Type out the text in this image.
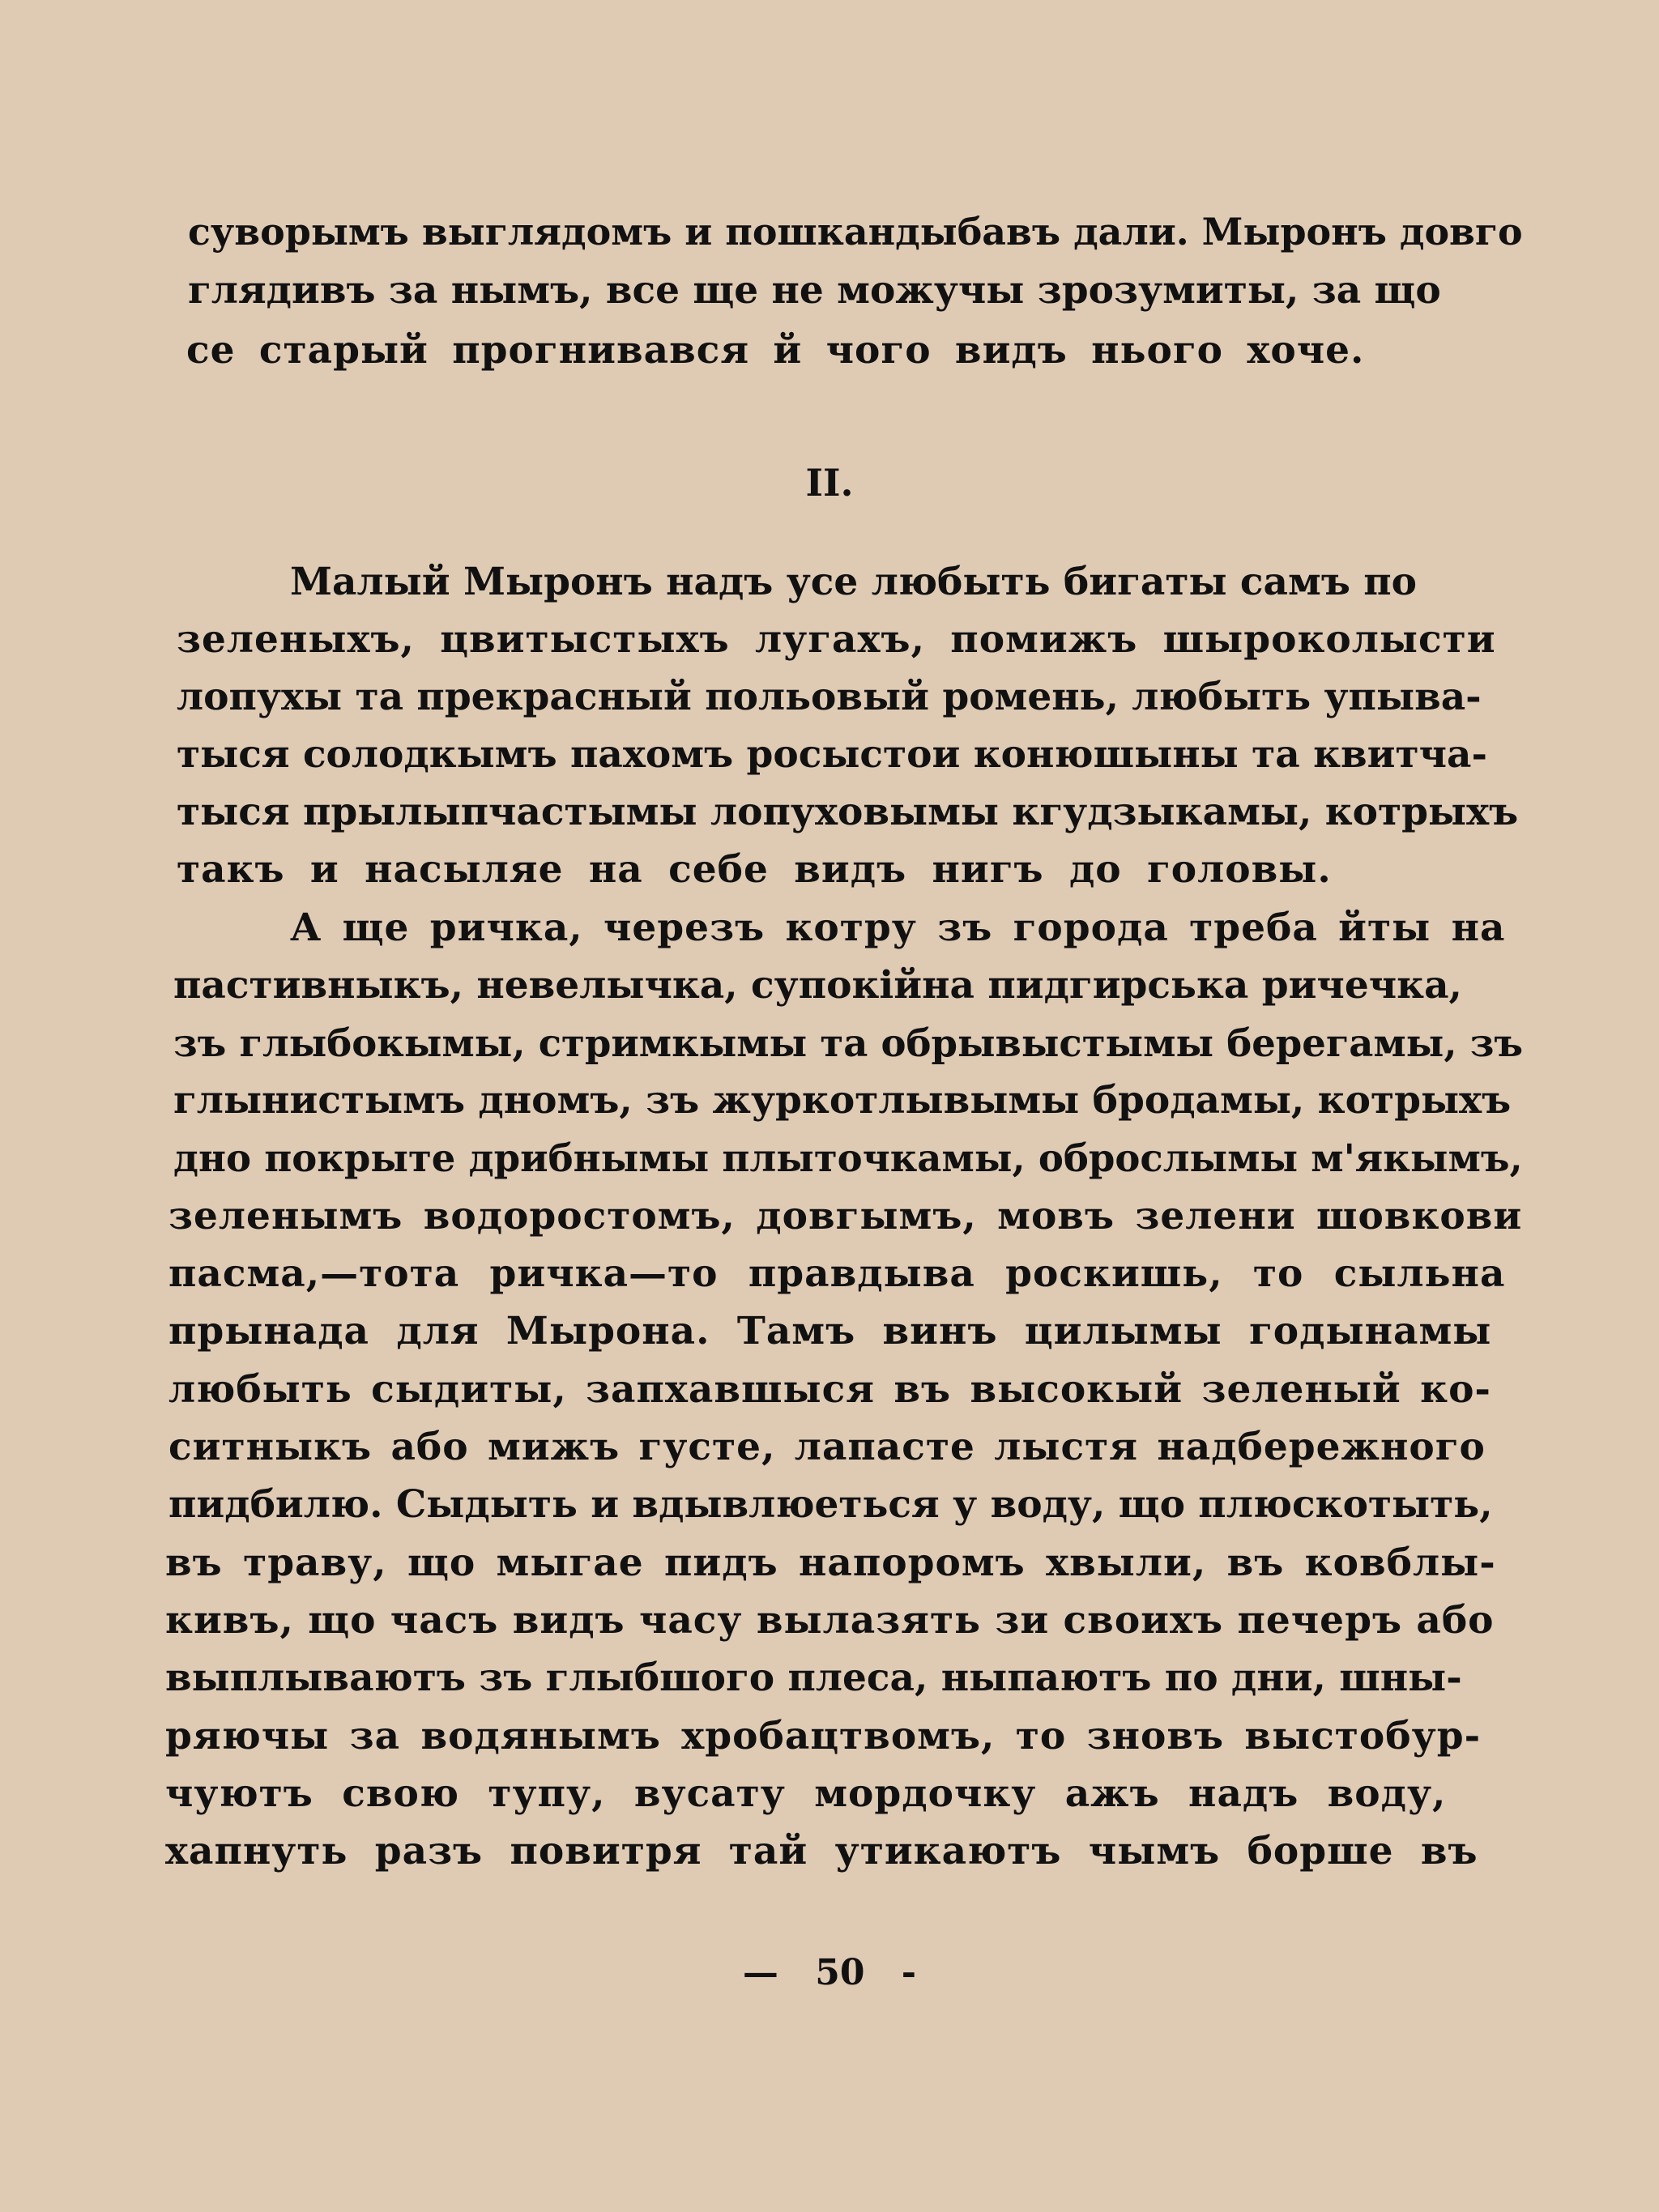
суворымъ выглядомъ и пошкандыбавъ дали. Мыронъ довго
глядивъ за нымъ, все ще не можучы зрозумиты, за що
се старый прогнивався й чого видъ нього хоче.
II.
Малый Мыронъ надъ усе любыть бигаты самъ по
зеленыхъ, цвитыстыхъ лугахъ, помижъ шыроколысти
лопухы та прекрасный польовый ромень, любыть упыва-
тыся солодкымъ пахомъ росыстои конюшыны та квитча-
тыся прылыпчастымы лопуховымы кгудзыкамы, котрыхъ
такъ и насыляе на себе видъ нигъ до головы.
А ще ричка, черезъ котру зъ города треба йты на
пастивныкъ, невелычка, супокійна пидгирська ричечка,
зъ глыбокымы, стримкымы та обрывыстымы берегамы, зъ
глынистымъ дномъ, зъ журкотлывымы бродамы, котрыхъ
дно покрыте дрибнымы плыточкамы, оброслымы м'якымъ,
зеленымъ водоростомъ, довгымъ, мовъ зелени шовкови
пасма,—тота ричка—то правдыва роскишь, то сыльна
прынада для Мырона. Тамъ винъ цилымы годынамы
любыть сыдиты, запхавшыся въ высокый зеленый ко-
ситныкъ або мижъ густе, лапасте лыстя надбережного
пидбилю. Сыдыть и вдывлюеться у воду, що плюскотыть,
въ траву, що мыгае пидъ напоромъ хвыли, въ ковблы-
кивъ, що часъ видъ часу вылазять зи своихъ печеръ або
выплываютъ зъ глыбшого плеса, ныпаютъ по дни, шны-
ряючы за водянымъ хробацтвомъ, то зновъ выстобур-
чуютъ свою тупу, вусату мордочку ажъ надъ воду,
хапнуть разъ повитря тай утикаютъ чымъ борше въ
— 50 -
